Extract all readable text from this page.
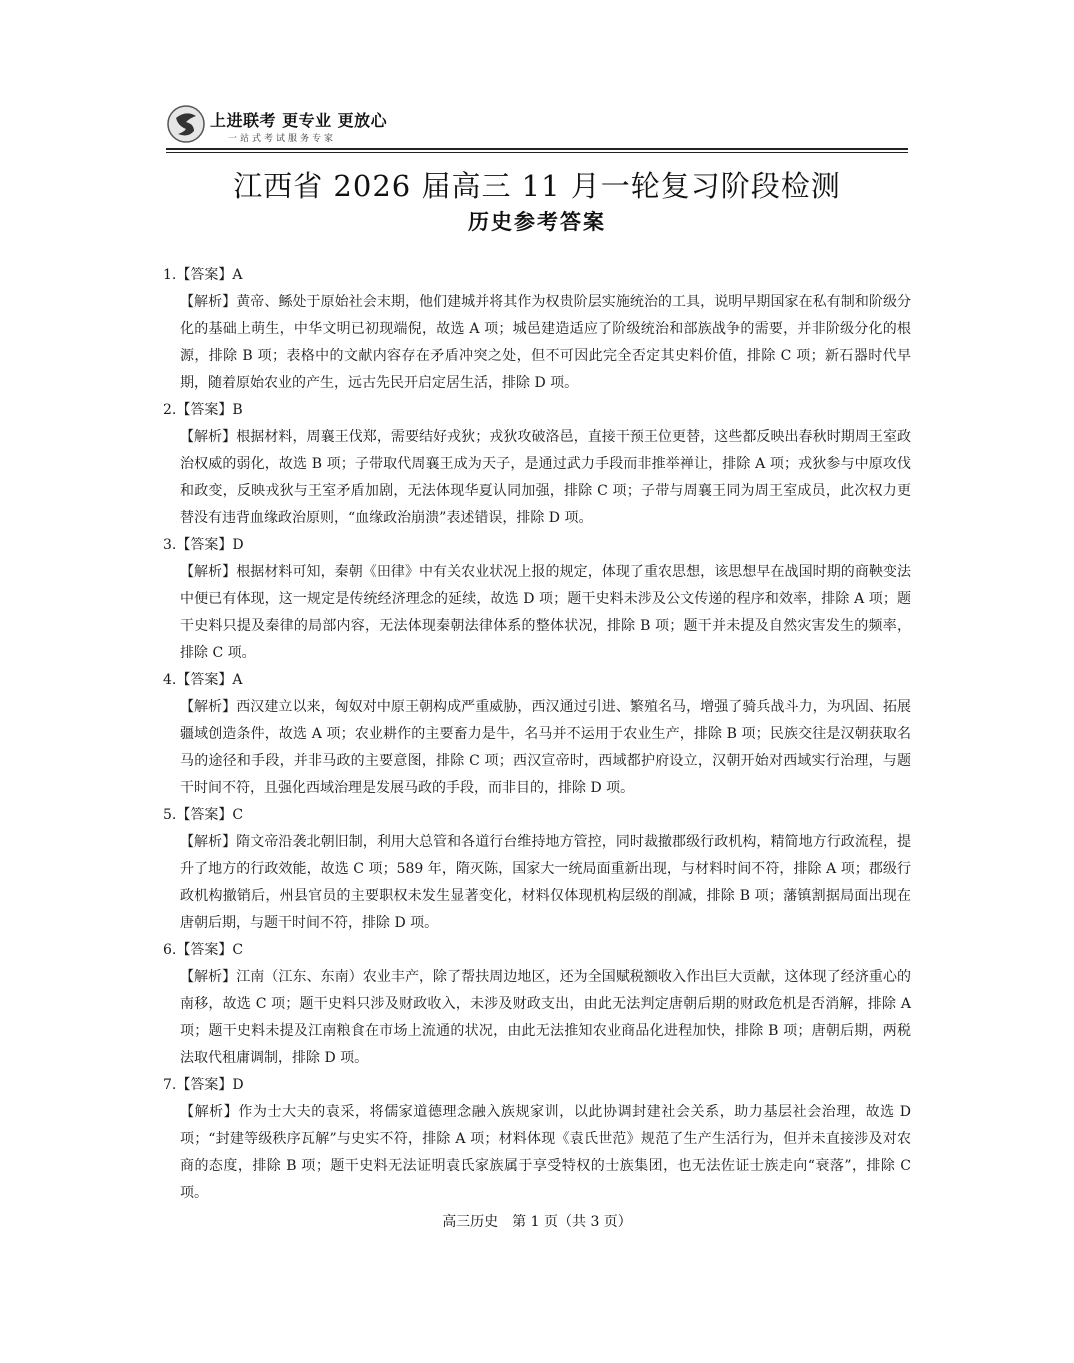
上进联考 更专业 更放心
一站式考试服务专家
江西省 2026 届高三 11 月一轮复习阶段检测
历史参考答案
1.【答案】A
【解析】黄帝、鲧处于原始社会末期，他们建城并将其作为权贵阶层实施统治的工具，说明早期国家在私有制和阶级分化的基础上萌生，中华文明已初现端倪，故选 A 项；城邑建造适应了阶级统治和部族战争的需要，并非阶级分化的根源，排除 B 项；表格中的文献内容存在矛盾冲突之处，但不可因此完全否定其史料价值，排除 C 项；新石器时代早期，随着原始农业的产生，远古先民开启定居生活，排除 D 项。
2.【答案】B
【解析】根据材料，周襄王伐郑，需要结好戎狄；戎狄攻破洛邑，直接干预王位更替，这些都反映出春秋时期周王室政治权威的弱化，故选 B 项；子带取代周襄王成为天子，是通过武力手段而非推举禅让，排除 A 项；戎狄参与中原攻伐和政变，反映戎狄与王室矛盾加剧，无法体现华夏认同加强，排除 C 项；子带与周襄王同为周王室成员，此次权力更替没有违背血缘政治原则，“血缘政治崩溃”表述错误，排除 D 项。
3.【答案】D
【解析】根据材料可知，秦朝《田律》中有关农业状况上报的规定，体现了重农思想，该思想早在战国时期的商鞅变法中便已有体现，这一规定是传统经济理念的延续，故选 D 项；题干史料未涉及公文传递的程序和效率，排除 A 项；题干史料只提及秦律的局部内容，无法体现秦朝法律体系的整体状况，排除 B 项；题干并未提及自然灾害发生的频率，排除 C 项。
4.【答案】A
【解析】西汉建立以来，匈奴对中原王朝构成严重威胁，西汉通过引进、繁殖名马，增强了骑兵战斗力，为巩固、拓展疆域创造条件，故选 A 项；农业耕作的主要畜力是牛，名马并不运用于农业生产，排除 B 项；民族交往是汉朝获取名马的途径和手段，并非马政的主要意图，排除 C 项；西汉宣帝时，西域都护府设立，汉朝开始对西域实行治理，与题干时间不符，且强化西域治理是发展马政的手段，而非目的，排除 D 项。
5.【答案】C
【解析】隋文帝沿袭北朝旧制，利用大总管和各道行台维持地方管控，同时裁撤郡级行政机构，精简地方行政流程，提升了地方的行政效能，故选 C 项；589 年，隋灭陈，国家大一统局面重新出现，与材料时间不符，排除 A 项；郡级行政机构撤销后，州县官员的主要职权未发生显著变化，材料仅体现机构层级的削减，排除 B 项；藩镇割据局面出现在唐朝后期，与题干时间不符，排除 D 项。
6.【答案】C
【解析】江南（江东、东南）农业丰产，除了帮扶周边地区，还为全国赋税额收入作出巨大贡献，这体现了经济重心的南移，故选 C 项；题干史料只涉及财政收入，未涉及财政支出，由此无法判定唐朝后期的财政危机是否消解，排除 A 项；题干史料未提及江南粮食在市场上流通的状况，由此无法推知农业商品化进程加快，排除 B 项；唐朝后期，两税法取代租庸调制，排除 D 项。
7.【答案】D
【解析】作为士大夫的袁采，将儒家道德理念融入族规家训，以此协调封建社会关系，助力基层社会治理，故选 D 项；“封建等级秩序瓦解”与史实不符，排除 A 项；材料体现《袁氏世范》规范了生产生活行为，但并未直接涉及对农商的态度，排除 B 项；题干史料无法证明袁氏家族属于享受特权的士族集团，也无法佐证士族走向“衰落”，排除 C 项。
高三历史　第 1 页（共 3 页）
